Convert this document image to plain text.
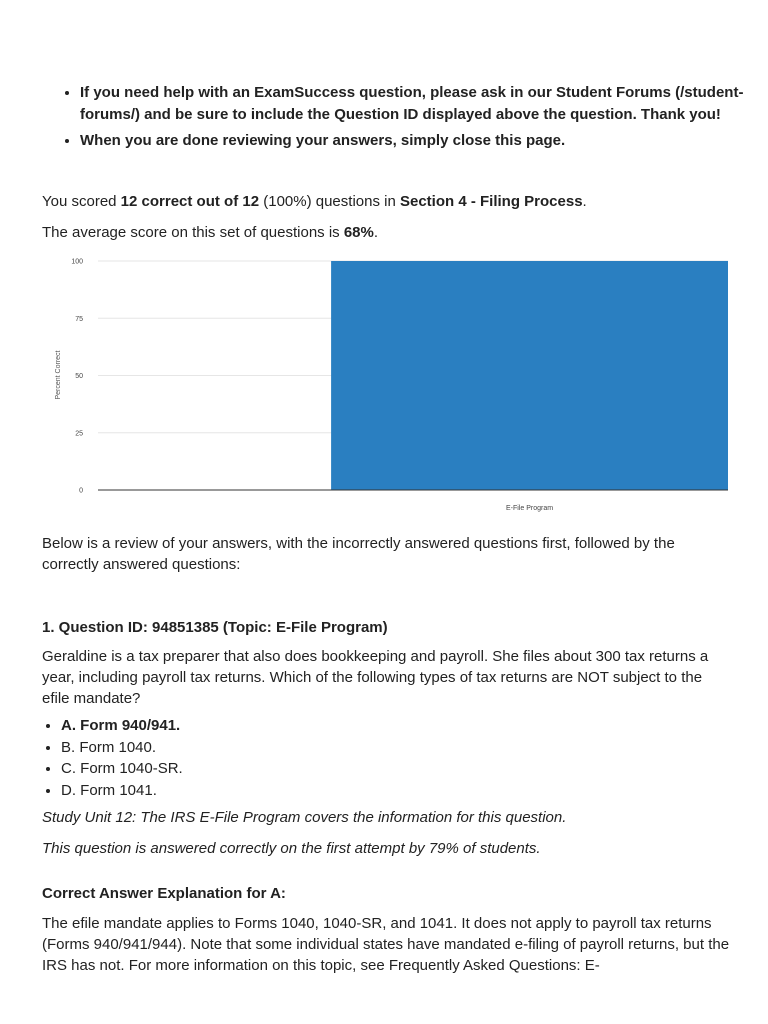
• If you need help with an ExamSuccess question, please ask in our Student Forums (/student-forums/) and be sure to include the Question ID displayed above the question. Thank you!
• When you are done reviewing your answers, simply close this page.

You scored 12 correct out of 12 (100%) questions in Section 4 - Filing Process.

The average score on this set of questions is 68%.

100
75
50
25
0
E-File Program
Percent Correct

Below is a review of your answers, with the incorrectly answered questions first, followed by the correctly answered questions:

1. Question ID: 94851385 (Topic: E-File Program)

Geraldine is a tax preparer that also does bookkeeping and payroll. She files about 300 tax returns a year, including payroll tax returns. Which of the following types of tax returns are NOT subject to the efile mandate?

• A. Form 940/941.
• B. Form 1040.
• C. Form 1040-SR.
• D. Form 1041.

Study Unit 12: The IRS E-File Program covers the information for this question.

This question is answered correctly on the first attempt by 79% of students.

Correct Answer Explanation for A:

The efile mandate applies to Forms 1040, 1040-SR, and 1041. It does not apply to payroll tax returns (Forms 940/941/944). Note that some individual states have mandated e-filing of payroll returns, but the IRS has not. For more information on this topic, see Frequently Asked Questions: E-
